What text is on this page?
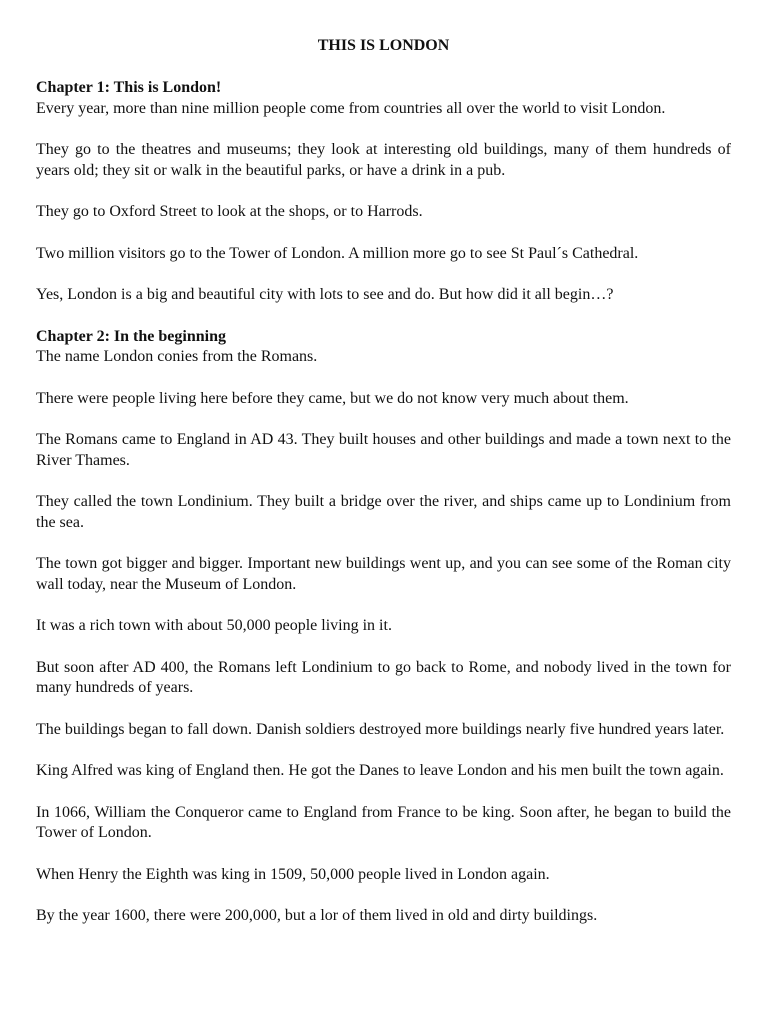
THIS IS LONDON
Chapter 1: This is London!

Every year, more than nine million people come from countries all over the world to visit London.

They go to the theatres and museums; they look at interesting old buildings, many of them hundreds of years old; they sit or walk in the beautiful parks, or have a drink in a pub.

They go to Oxford Street to look at the shops, or to Harrods.

Two million visitors go to the Tower of London. A million more go to see St Paul´s Cathedral.

Yes, London is a big and beautiful city with lots to see and do. But how did it all begin…?

Chapter 2: In the beginning

The name London conies from the Romans.

There were people living here before they came, but we do not know very much about them.

The Romans came to England in AD 43. They built houses and other buildings and made a town next to the River Thames.

They called the town Londinium. They built a bridge over the river, and ships came up to Londinium from the sea.

The town got bigger and bigger. Important new buildings went up, and you can see some of the Roman city wall today, near the Museum of London.

It was a rich town with about 50,000 people living in it.

But soon after AD 400, the Romans left Londinium to go back to Rome, and nobody lived in the town for many hundreds of years.

The buildings began to fall down. Danish soldiers destroyed more buildings nearly five hundred years later.

King Alfred was king of England then. He got the Danes to leave London and his men built the town again.

In 1066, William the Conqueror came to England from France to be king. Soon after, he began to build the Tower of London.

When Henry the Eighth was king in 1509, 50,000 people lived in London again.

By the year 1600, there were 200,000, but a lor of them lived in old and dirty buildings.
